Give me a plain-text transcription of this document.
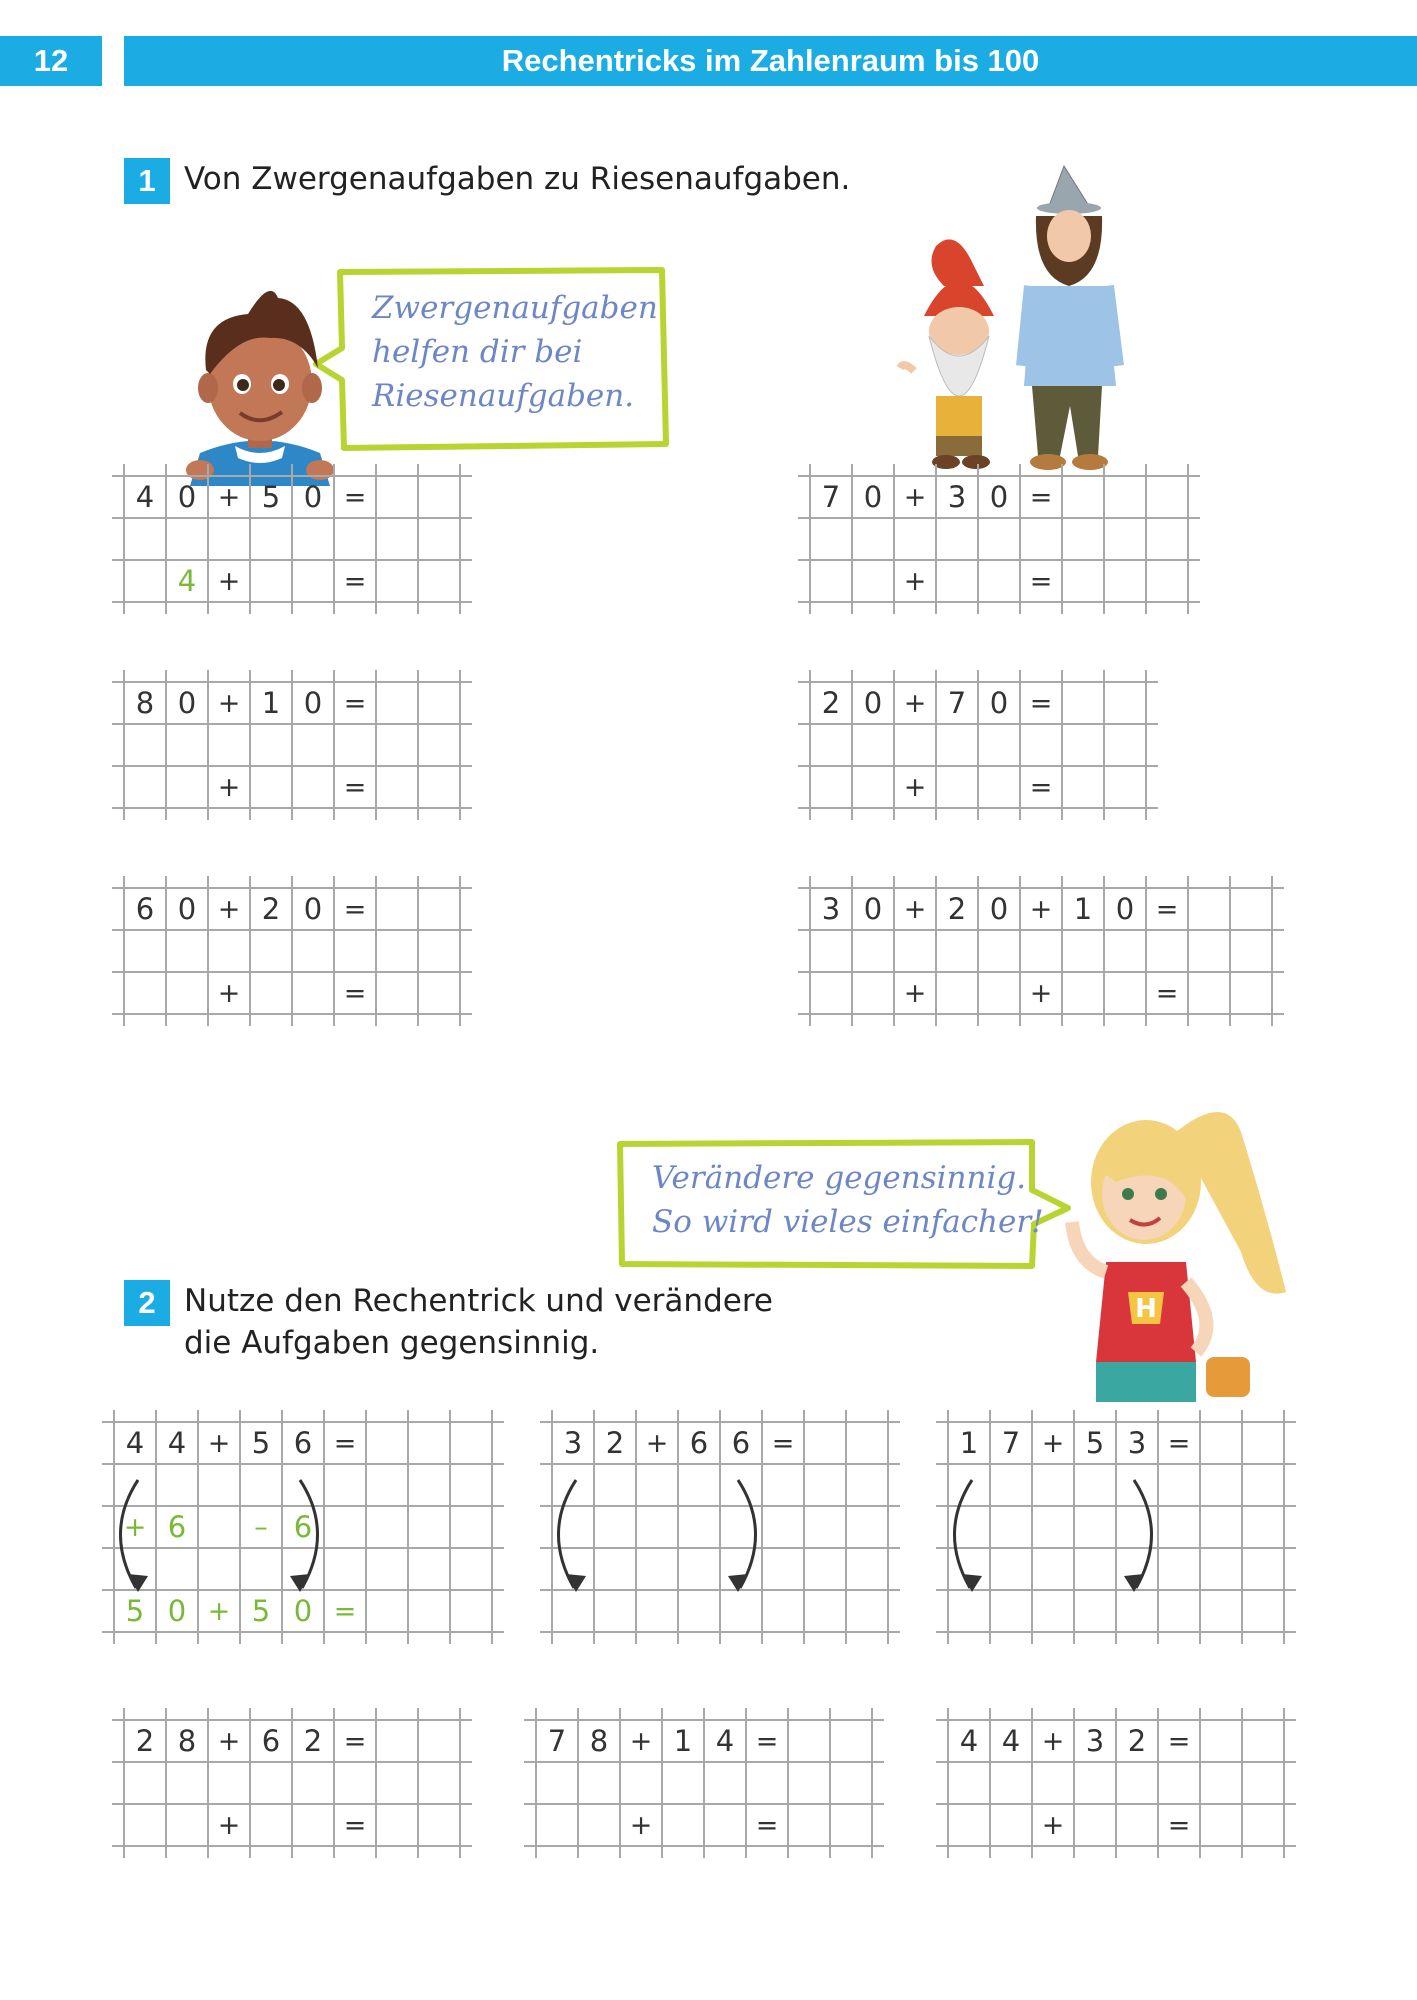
12	Rechentricks im Zahlenraum bis 100
1 Von Zwergenaufgaben zu Riesenaufgaben.
2 Nutze den Rechentrick und verändere
die Aufgaben gegensinnig.
Zwergenaufgaben
helfen dir bei
Riesenaufgaben.
Verändere gegensinnig.
So wird vieles einfacher!
H
4 0 + 5 0 =
4 +	=
7 0 + 3 0 =
+	=
8 0 + 1 0 =
+	=
2 0 + 7 0 =
+	=
6 0 + 2 0 =
+	=
3 0 + 2 0 + 1 0 =
+	+	=
4 4 + 5 6 =
+ 6	– 6
5 0 + 5 0 =
3 2 + 6 6 =	1 7 + 5 3 =
2 8 + 6 2 =
+	=
7 8 + 1 4 =
+	=
4 4 + 3 2 =
+	=
